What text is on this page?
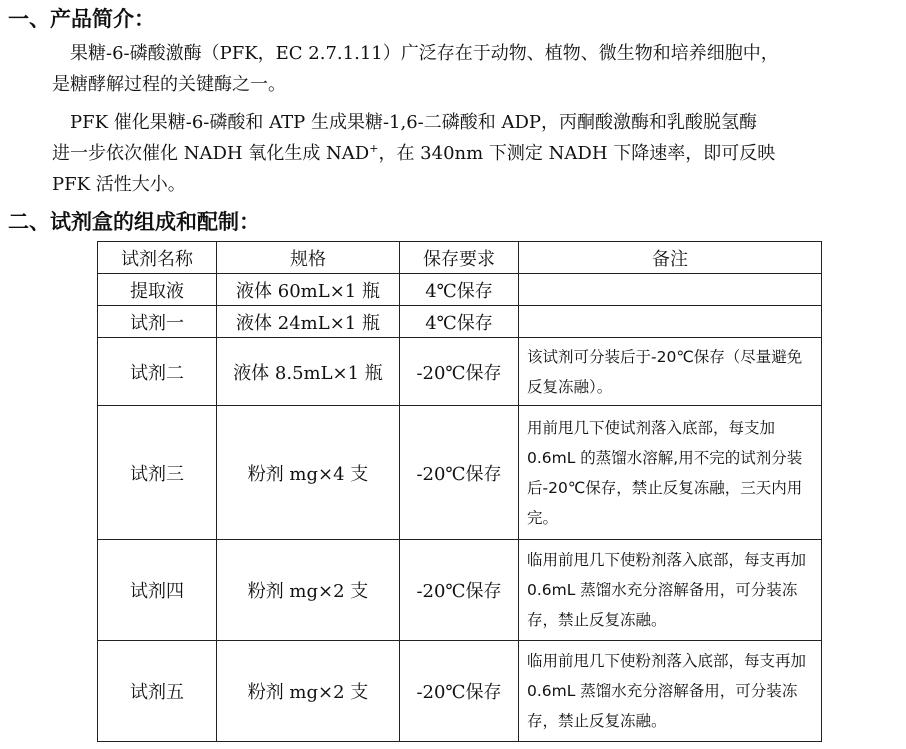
一、产品简介：
果糖-6-磷酸激酶（PFK，EC 2.7.1.11）广泛存在于动物、植物、微生物和培养细胞中，
是糖酵解过程的关键酶之一。
PFK 催化果糖-6-磷酸和 ATP 生成果糖-1,6-二磷酸和 ADP，丙酮酸激酶和乳酸脱氢酶
进一步依次催化 NADH 氧化生成 NAD+，在 340nm 下测定 NADH 下降速率，即可反映
PFK 活性大小。
二、试剂盒的组成和配制：
试剂名称	规格	保存要求	备注
提取液	液体 60mL×1 瓶	4℃保存	
试剂一	液体 24mL×1 瓶	4℃保存	
试剂二	液体 8.5mL×1 瓶	-20℃保存	该试剂可分装后于-20℃保存（尽量避免反复冻融）。
试剂三	粉剂 mg×4 支	-20℃保存	用前甩几下使试剂落入底部，每支加 0.6mL 的蒸馏水溶解,用不完的试剂分装后-20℃保存，禁止反复冻融，三天内用完。
试剂四	粉剂 mg×2 支	-20℃保存	临用前甩几下使粉剂落入底部，每支再加 0.6mL 蒸馏水充分溶解备用，可分装冻存，禁止反复冻融。
试剂五	粉剂 mg×2 支	-20℃保存	临用前甩几下使粉剂落入底部，每支再加 0.6mL 蒸馏水充分溶解备用，可分装冻存，禁止反复冻融。
